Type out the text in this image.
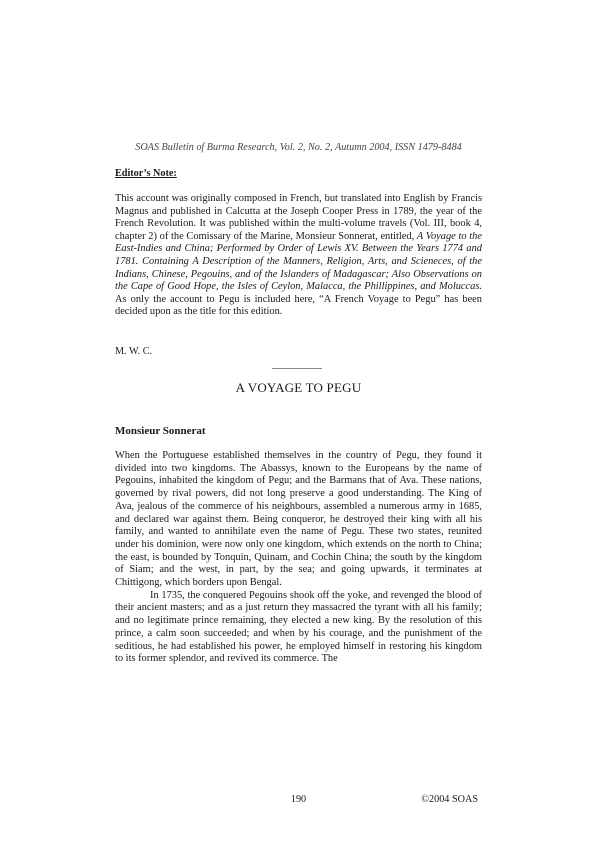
SOAS Bulletin of Burma Research, Vol. 2, No. 2, Autumn 2004, ISSN 1479-8484
Editor’s Note:
This account was originally composed in French, but translated into English by Francis Magnus and published in Calcutta at the Joseph Cooper Press in 1789, the year of the French Revolution. It was published within the multi-volume travels (Vol. III, book 4, chapter 2) of the Comissary of the Marine, Monsieur Sonnerat, entitled, A Voyage to the East-Indies and China; Performed by Order of Lewis XV. Between the Years 1774 and 1781. Containing A Description of the Manners, Religion, Arts, and Scieneces, of the Indians, Chinese, Pegouins, and of the Islanders of Madagascar; Also Observations on the Cape of Good Hope, the Isles of Ceylon, Malacca, the Phillippines, and Moluccas. As only the account to Pegu is included here, “A French Voyage to Pegu” has been decided upon as the title for this edition.
M. W. C.
A VOYAGE TO PEGU
Monsieur Sonnerat

When the Portuguese established themselves in the country of Pegu, they found it divided into two kingdoms. The Abassys, known to the Europeans by the name of Pegouins, inhabited the kingdom of Pegu; and the Barmans that of Ava. These nations, governed by rival powers, did not long preserve a good understanding. The King of Ava, jealous of the commerce of his neighbours, assembled a numerous army in 1685, and declared war against them. Being conqueror, he destroyed their king with all his family, and wanted to annihilate even the name of Pegu. These two states, reunited under his dominion, were now only one kingdom, which extends on the north to China; the east, is bounded by Tonquin, Quinam, and Cochin China; the south by the kingdom of Siam; and the west, in part, by the sea; and going upwards, it terminates at Chittigong, which borders upon Bengal.

In 1735, the conquered Pegouins shook off the yoke, and revenged the blood of their ancient masters; and as a just return they massacred the tyrant with all his family; and no legitimate prince remaining, they elected a new king. By the resolution of this prince, a calm soon succeeded; and when by his courage, and the punishment of the seditious, he had established his power, he employed himself in restoring his kingdom to its former splendor, and revived its commerce. The

190	©2004 SOAS
